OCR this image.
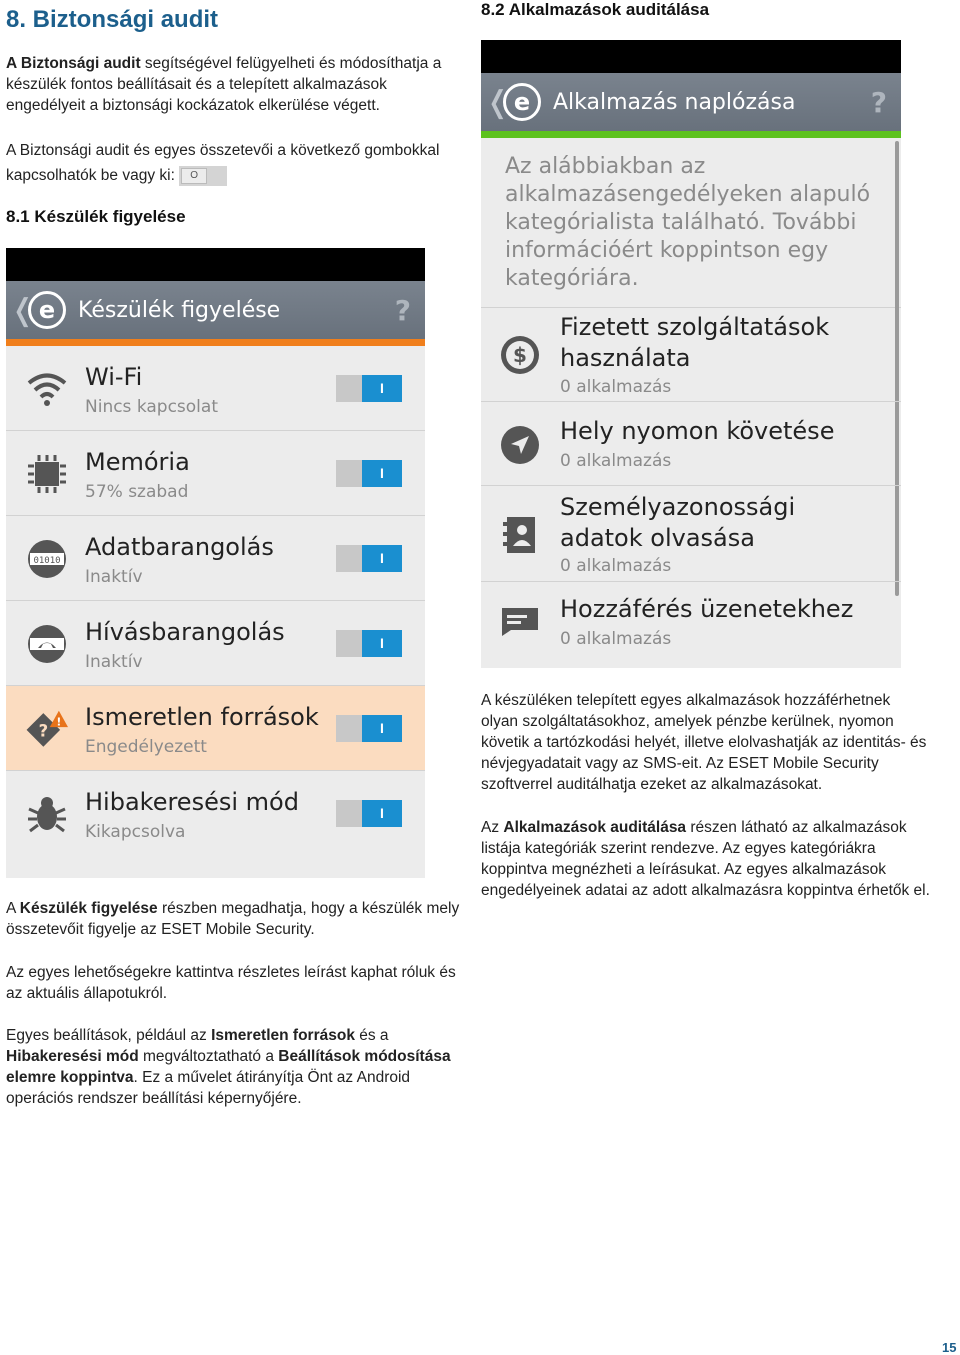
8. Biztonsági audit
A Biztonsági audit segítségével felügyelheti és módosíthatja a készülék fontos beállításait és a telepített alkalmazások engedélyeit a biztonsági kockázatok elkerülése végett.
A Biztonsági audit és egyes összetevői a következő gombokkal kapcsolhatók be vagy ki:	O
8.1 Készülék figyelése
❬ e	Készülék figyelése	?
Wi-Fi
Nincs kapcsolat
I
Memória
57% szabad
I
01010 Adatbarangolás
Inaktív
I
Hívásbarangolás
Inaktív
I
? ! Ismeretlen források
Engedélyezett
I
Hibakeresési mód
Kikapcsolva
I
A Készülék figyelése részben megadhatja, hogy a készülék mely összetevőit figyelje az ESET Mobile Security.
Az egyes lehetőségekre kattintva részletes leírást kaphat róluk és az aktuális állapotukról.
Egyes beállítások, például az Ismeretlen források és a Hibakeresési mód megváltoztatható a Beállítások módosítása elemre koppintva. Ez a művelet átirányítja Önt az Android operációs rendszer beállítási képernyőjére.
8.2 Alkalmazások auditálása
❬ e	Alkalmazás naplózása	?
Az alábbiakban az alkalmazásengedélyeken alapuló kategórialista található. További információért koppintson egy kategóriára.
$
Fizetett szolgáltatások használata
0 alkalmazás
Hely nyomon követése
0 alkalmazás
Személyazonossági adatok olvasása
0 alkalmazás
Hozzáférés üzenetekhez
0 alkalmazás
A készüléken telepített egyes alkalmazások hozzáférhetnek olyan szolgáltatásokhoz, amelyek pénzbe kerülnek, nyomon követik a tartózkodási helyét, illetve elolvashatják az identitás- és névjegyadatait vagy az SMS-eit. Az ESET Mobile Security szoftverrel auditálhatja ezeket az alkalmazásokat.
Az Alkalmazások auditálása részen látható az alkalmazások listája kategóriák szerint rendezve. Az egyes kategóriákra koppintva megnézheti a leírásukat. Az egyes alkalmazások engedélyeinek adatai az adott alkalmazásra koppintva érhetők el.
15
